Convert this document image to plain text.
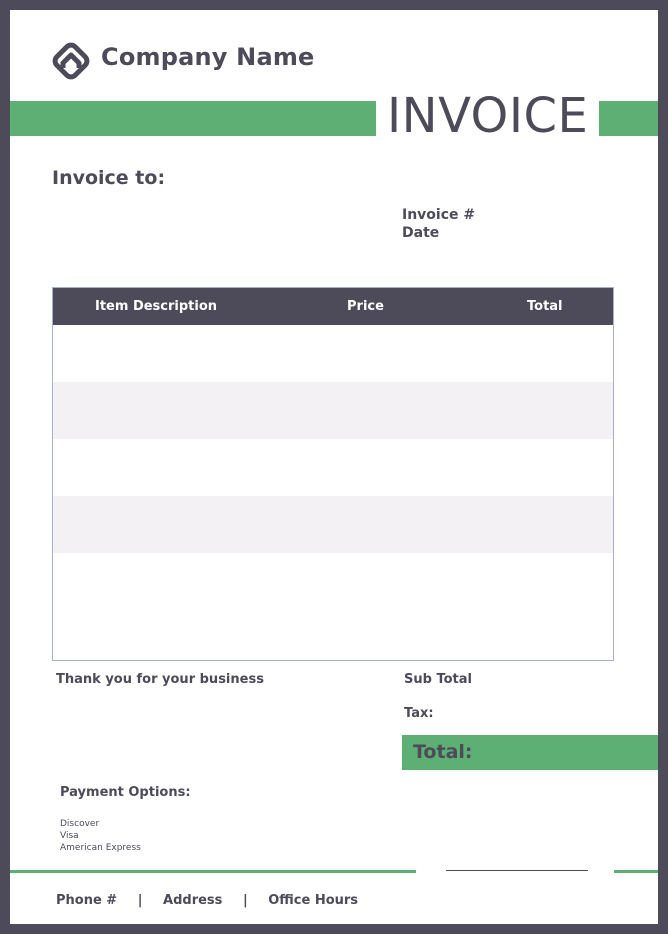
Company Name
INVOICE
Invoice to:
Invoice #
Date
Item Description	Price	Total
Thank you for your business	Sub Total
Tax:
Total:
Payment Options:
Discover
Visa
American Express
Phone # | Address | Office Hours
